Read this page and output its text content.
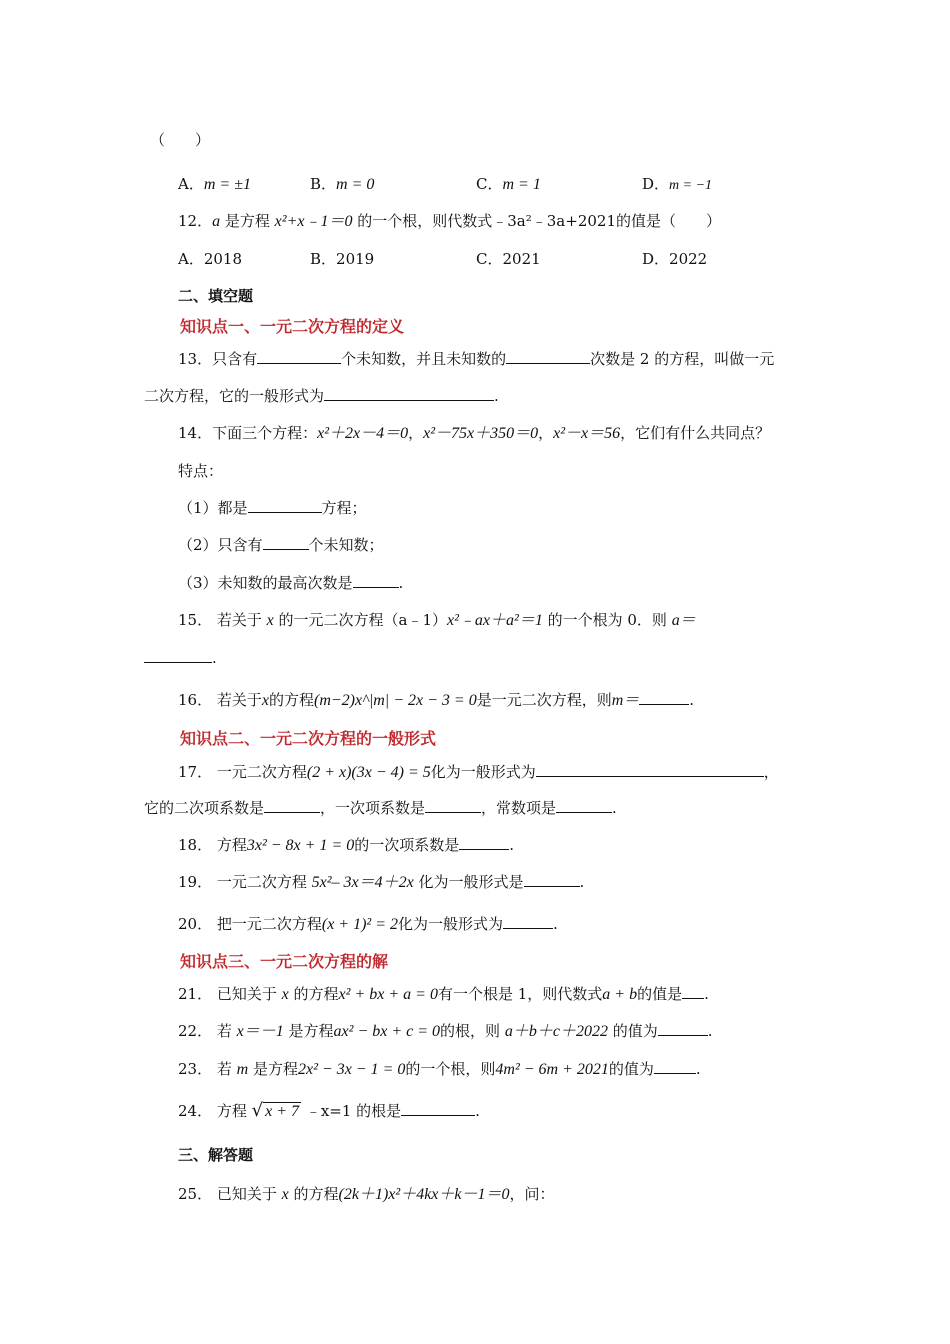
（　　）
A．m = ±1	B．m = 0	C．m = 1	D．m = −1
12．a 是方程 x²+x﹣1＝0 的一个根，则代数式﹣3a²﹣3a+2021的值是（　　）
A．2018	B．2019	C．2021	D．2022
二、填空题
知识点一、一元二次方程的定义
13．只含有	个未知数，并且未知数的	次数是 2 的方程，叫做一元
二次方程，它的一般形式为	.
14．下面三个方程：x²＋2x－4＝0，x²－75x＋350＝0，x²－x＝56，它们有什么共同点？
特点：
（1）都是	方程；
（2）只含有	个未知数；
（3）未知数的最高次数是	.
15． 若关于 x 的一元二次方程（a﹣1）x²﹣ax＋a²＝1 的一个根为 0．则 a＝
.
16． 若关于x的方程(m−2)x^|m| − 2x − 3 = 0是一元二次方程，则m＝	.
知识点二、一元二次方程的一般形式
17． 一元二次方程(2 + x)(3x − 4) = 5化为一般形式为	，
它的二次项系数是	，一次项系数是	，常数项是	.
18． 方程3x² − 8x + 1 = 0的一次项系数是	.
19． 一元二次方程 5x²– 3x＝4＋2x 化为一般形式是	.
20． 把一元二次方程(x + 1)² = 2化为一般形式为	.
知识点三、一元二次方程的解
21． 已知关于 x 的方程x² + bx + a = 0有一个根是 1，则代数式a + b的值是 .
22． 若 x＝－1 是方程ax² − bx + c = 0的根，则 a＋b＋c＋2022 的值为	.
23． 若 m 是方程2x² − 3x − 1 = 0的一个根，则4m² − 6m + 2021的值为	.
24． 方程 √ x + 7 ﹣x=1 的根是	.
三、解答题
25． 已知关于 x 的方程(2k＋1)x²＋4kx＋k－1＝0，问：
